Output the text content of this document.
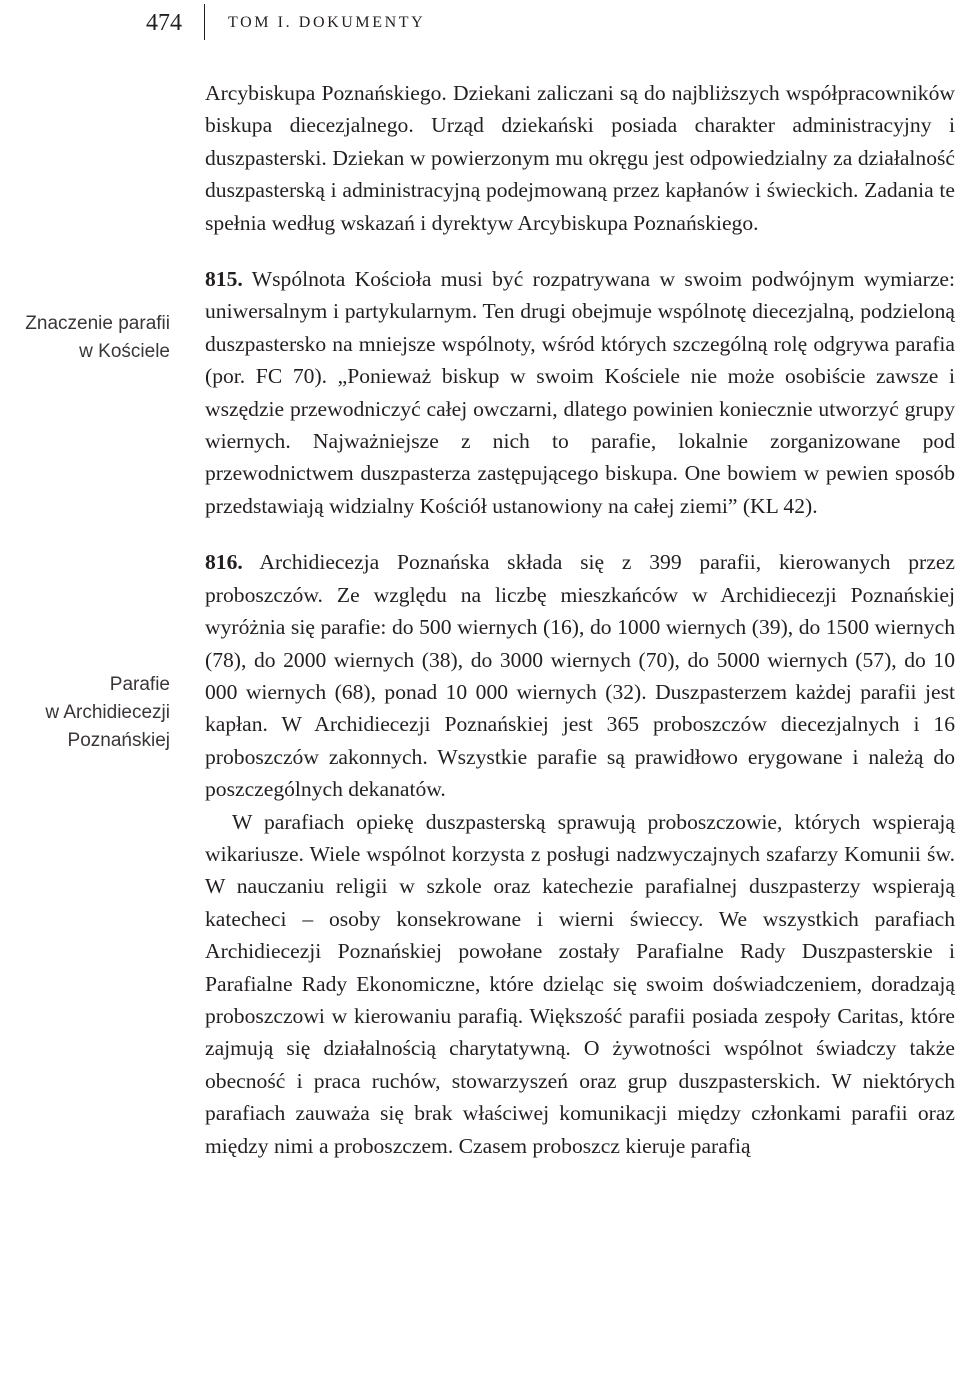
474	TOM I. DOKUMENTY
Znaczenie parafii
w Kościele
Parafie
w Archidiecezji
Poznańskiej

Arcybiskupa Poznańskiego. Dziekani zaliczani są do najbliższych współpracowników biskupa diecezjalnego. Urząd dziekański posiada charakter administracyjny i duszpasterski. Dziekan w powierzonym mu okręgu jest odpowiedzialny za działalność duszpasterską i administracyjną podejmowaną przez kapłanów i świeckich. Zadania te spełnia według wskazań i dyrektyw Arcybiskupa Poznańskiego.

815. Wspólnota Kościoła musi być rozpatrywana w swoim podwójnym wymiarze: uniwersalnym i partykularnym. Ten drugi obejmuje wspólnotę diecezjalną, podzieloną duszpastersko na mniejsze wspólnoty, wśród których szczególną rolę odgrywa parafia (por. FC 70). „Ponieważ biskup w swoim Kościele nie może osobiście zawsze i wszędzie przewodniczyć całej owczarni, dlatego powinien koniecznie utworzyć grupy wiernych. Najważniejsze z nich to parafie, lokalnie zorganizowane pod przewodnictwem duszpasterza zastępującego biskupa. One bowiem w pewien sposób przedstawiają widzialny Kościół ustanowiony na całej ziemi” (KL 42).

816. Archidiecezja Poznańska składa się z 399 parafii, kierowanych przez proboszczów. Ze względu na liczbę mieszkańców w Archidiecezji Poznańskiej wyróżnia się parafie: do 500 wiernych (16), do 1000 wiernych (39), do 1500 wiernych (78), do 2000 wiernych (38), do 3000 wiernych (70), do 5000 wiernych (57), do 10 000 wiernych (68), ponad 10 000 wiernych (32). Duszpasterzem każdej parafii jest kapłan. W Archidiecezji Poznańskiej jest 365 proboszczów diecezjalnych i 16 proboszczów zakonnych. Wszystkie parafie są prawidłowo erygowane i należą do poszczególnych dekanatów.

W parafiach opiekę duszpasterską sprawują proboszczowie, których wspierają wikariusze. Wiele wspólnot korzysta z posługi nadzwyczajnych szafarzy Komunii św. W nauczaniu religii w szkole oraz katechezie parafialnej duszpasterzy wspierają katecheci – osoby konsekrowane i wierni świeccy. We wszystkich parafiach Archidiecezji Poznańskiej powołane zostały Parafialne Rady Duszpasterskie i Parafialne Rady Ekonomiczne, które dzieląc się swoim doświadczeniem, doradzają proboszczowi w kierowaniu parafią. Większość parafii posiada zespoły Caritas, które zajmują się działalnością charytatywną. O żywotności wspólnot świadczy także obecność i praca ruchów, stowarzyszeń oraz grup duszpasterskich. W niektórych parafiach zauważa się brak właściwej komunikacji między członkami parafii oraz między nimi a proboszczem. Czasem proboszcz kieruje parafią
